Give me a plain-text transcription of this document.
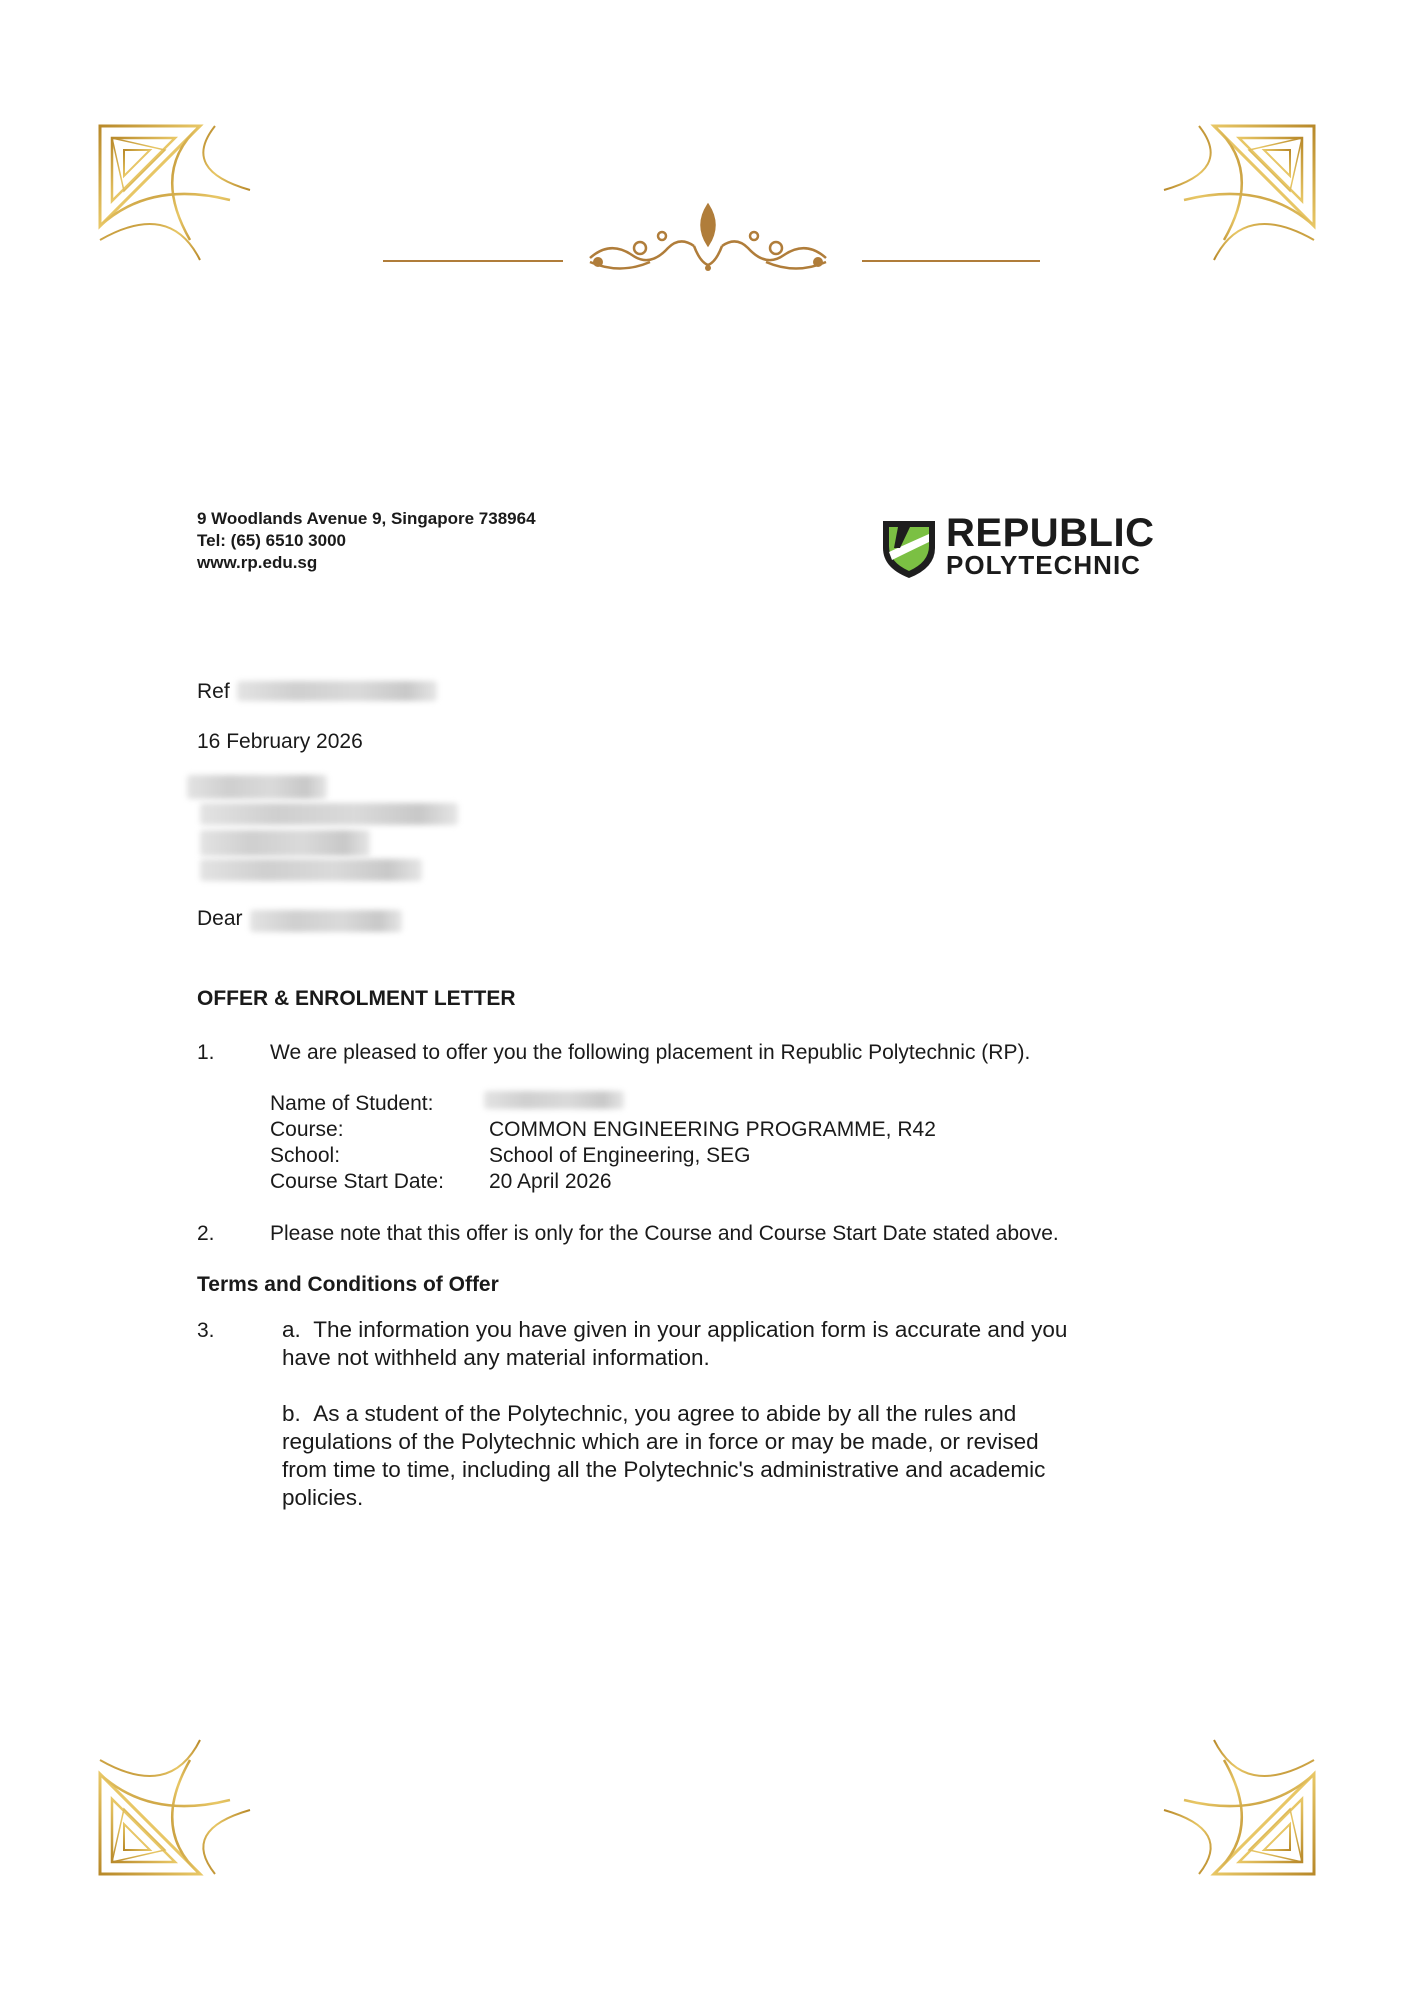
9 Woodlands Avenue 9, Singapore 738964
Tel: (65) 6510 3000
www.rp.edu.sg
REPUBLIC
POLYTECHNIC
Ref
16 February 2026
Dear
OFFER & ENROLMENT LETTER
1.	We are pleased to offer you the following placement in Republic Polytechnic (RP).
Name of Student:
Course:	COMMON ENGINEERING PROGRAMME, R42
School:	School of Engineering, SEG
Course Start Date: 20 April 2026
2.	Please note that this offer is only for the Course and Course Start Date stated above.
Terms and Conditions of Offer
3.	a. The information you have given in your application form is accurate and you
have not withheld any material information.
b. As a student of the Polytechnic, you agree to abide by all the rules and
regulations of the Polytechnic which are in force or may be made, or revised
from time to time, including all the Polytechnic's administrative and academic
policies.
